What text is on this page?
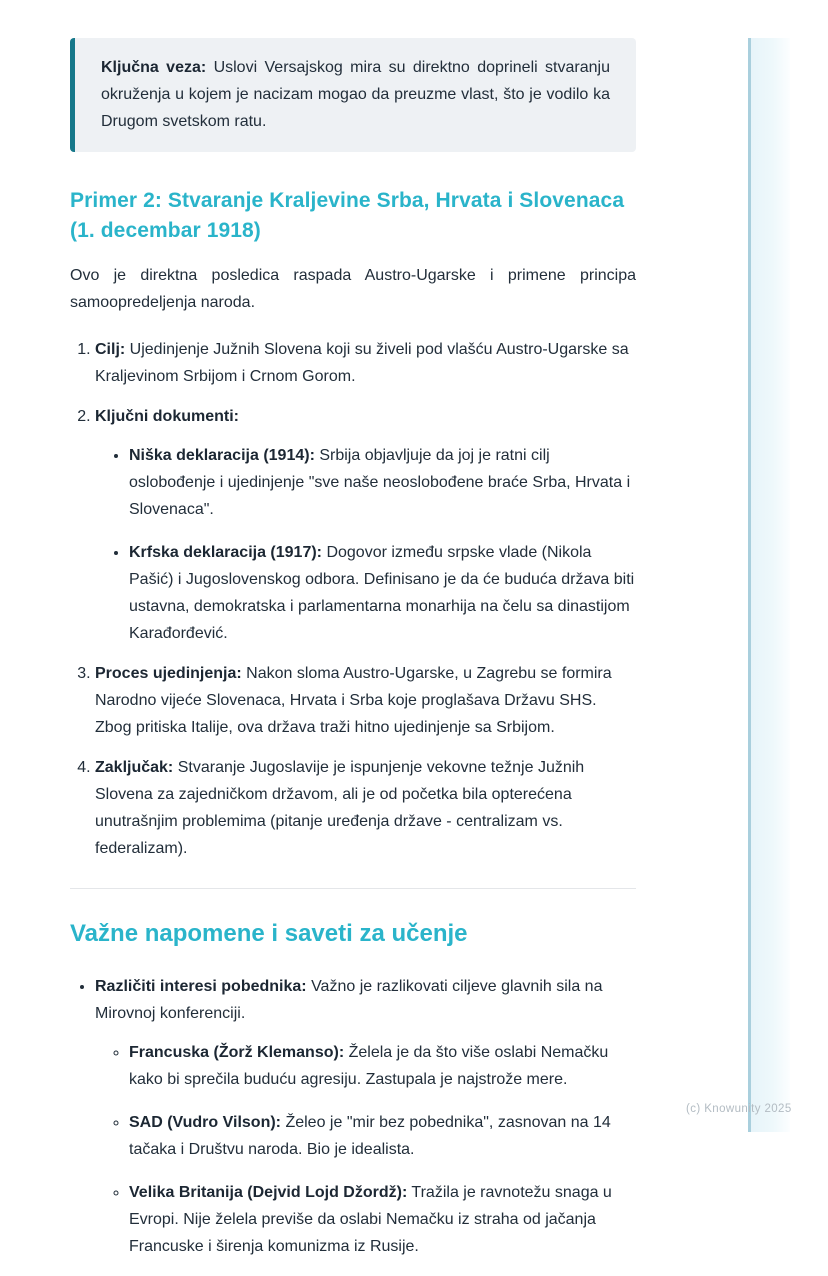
Ključna veza: Uslovi Versajskog mira su direktno doprineli stvaranju okruženja u kojem je nacizam mogao da preuzme vlast, što je vodilo ka Drugom svetskom ratu.
Primer 2: Stvaranje Kraljevine Srba, Hrvata i Slovenaca (1. decembar 1918)

Ovo je direktna posledica raspada Austro-Ugarske i primene principa samoopredeljenja naroda.

1. Cilj: Ujedinjenje Južnih Slovena koji su živeli pod vlašću Austro-Ugarske sa Kraljevinom Srbijom i Crnom Gorom.
2. Ključni dokumenti:
• Niška deklaracija (1914): Srbija objavljuje da joj je ratni cilj oslobođenje i ujedinjenje "sve naše neoslobođene braće Srba, Hrvata i Slovenaca".
• Krfska deklaracija (1917): Dogovor između srpske vlade (Nikola Pašić) i Jugoslovenskog odbora. Definisano je da će buduća država biti ustavna, demokratska i parlamentarna monarhija na čelu sa dinastijom Karađorđević.
3. Proces ujedinjenja: Nakon sloma Austro-Ugarske, u Zagrebu se formira Narodno vijeće Slovenaca, Hrvata i Srba koje proglašava Državu SHS. Zbog pritiska Italije, ova država traži hitno ujedinjenje sa Srbijom.
4. Zaključak: Stvaranje Jugoslavije je ispunjenje vekovne težnje Južnih Slovena za zajedničkom državom, ali je od početka bila opterećena unutrašnjim problemima (pitanje uređenja države - centralizam vs. federalizam).
Važne napomene i saveti za učenje
• Različiti interesi pobednika: Važno je razlikovati ciljeve glavnih sila na Mirovnoj konferenciji.
◦ Francuska (Žorž Klemanso): Želela je da što više oslabi Nemačku kako bi sprečila buduću agresiju. Zastupala je najstrože mere.
◦ SAD (Vudro Vilson): Želeo je "mir bez pobednika", zasnovan na 14 tačaka i Društvu naroda. Bio je idealista.
◦ Velika Britanija (Dejvid Lojd Džordž): Tražila je ravnotežu snaga u Evropi. Nije želela previše da oslabi Nemačku iz straha od jačanja Francuske i širenja komunizma iz Rusije.
(c) Knowunity 2025
